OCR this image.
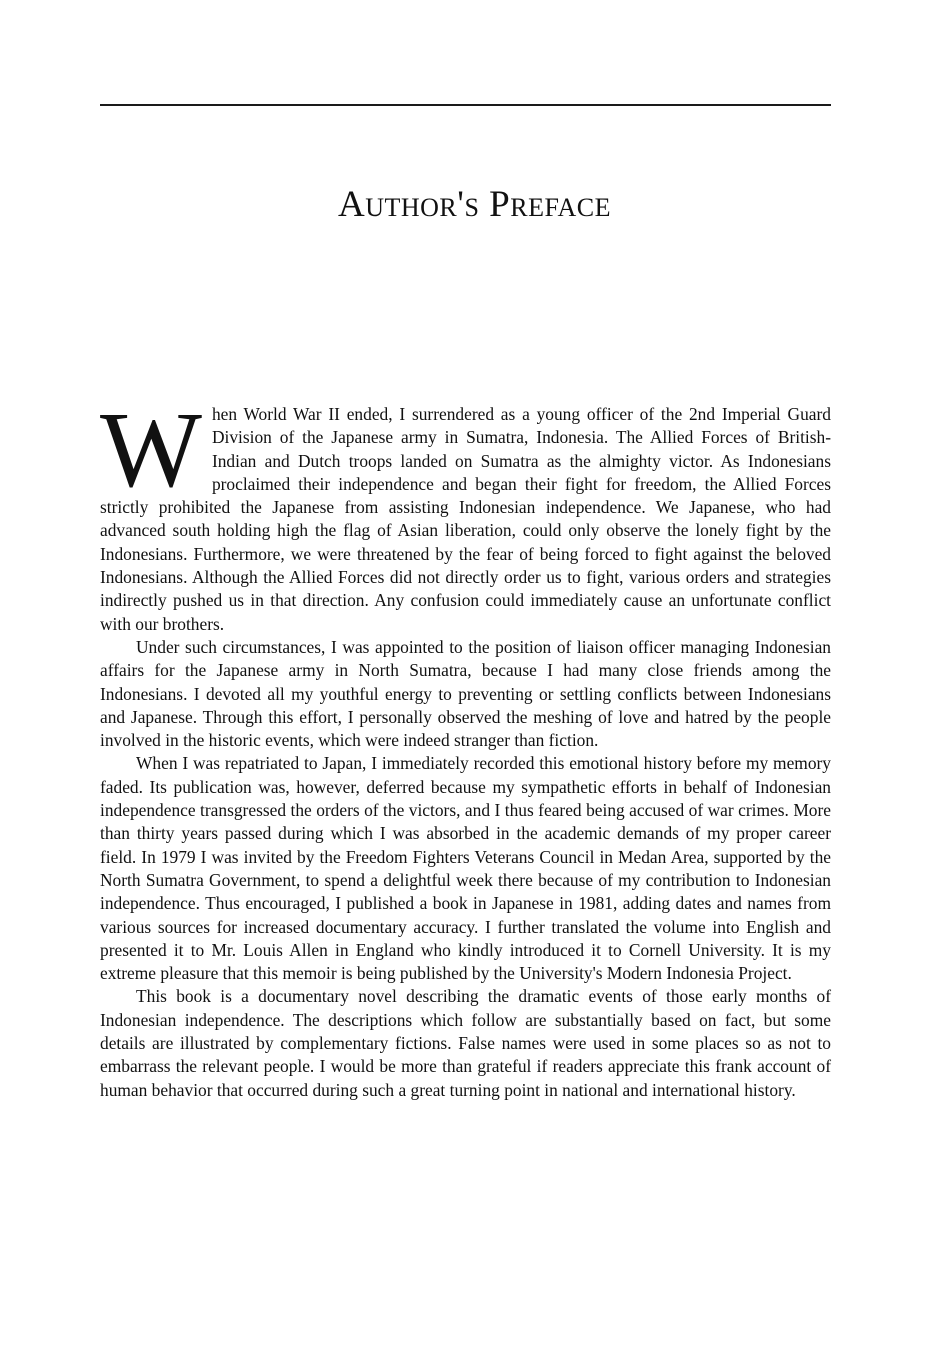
Author's Preface

When World War II ended, I surrendered as a young officer of the 2nd Imperial Guard Division of the Japanese army in Sumatra, Indonesia. The Allied Forces of British-Indian and Dutch troops landed on Sumatra as the almighty victor. As Indonesians proclaimed their independence and began their fight for freedom, the Allied Forces strictly prohibited the Japanese from assisting Indonesian independence. We Japanese, who had advanced south holding high the flag of Asian liberation, could only observe the lonely fight by the Indonesians. Furthermore, we were threatened by the fear of being forced to fight against the beloved Indonesians. Although the Allied Forces did not directly order us to fight, various orders and strategies indirectly pushed us in that direction. Any confusion could immediately cause an unfortunate conflict with our brothers.

Under such circumstances, I was appointed to the position of liaison officer managing Indonesian affairs for the Japanese army in North Sumatra, because I had many close friends among the Indonesians. I devoted all my youthful energy to preventing or settling conflicts between Indonesians and Japanese. Through this effort, I personally observed the meshing of love and hatred by the people involved in the historic events, which were indeed stranger than fiction.

When I was repatriated to Japan, I immediately recorded this emotional history before my memory faded. Its publication was, however, deferred because my sympathetic efforts in behalf of Indonesian independence transgressed the orders of the victors, and I thus feared being accused of war crimes. More than thirty years passed during which I was absorbed in the academic demands of my proper career field. In 1979 I was invited by the Freedom Fighters Veterans Council in Medan Area, supported by the North Sumatra Government, to spend a delightful week there because of my contribution to Indonesian independence. Thus encouraged, I published a book in Japanese in 1981, adding dates and names from various sources for increased documentary accuracy. I further translated the volume into English and presented it to Mr. Louis Allen in England who kindly introduced it to Cornell University. It is my extreme pleasure that this memoir is being published by the University's Modern Indonesia Project.

This book is a documentary novel describing the dramatic events of those early months of Indonesian independence. The descriptions which follow are substantially based on fact, but some details are illustrated by complementary fictions. False names were used in some places so as not to embarrass the relevant people. I would be more than grateful if readers appreciate this frank account of human behavior that occurred during such a great turning point in national and international history.
